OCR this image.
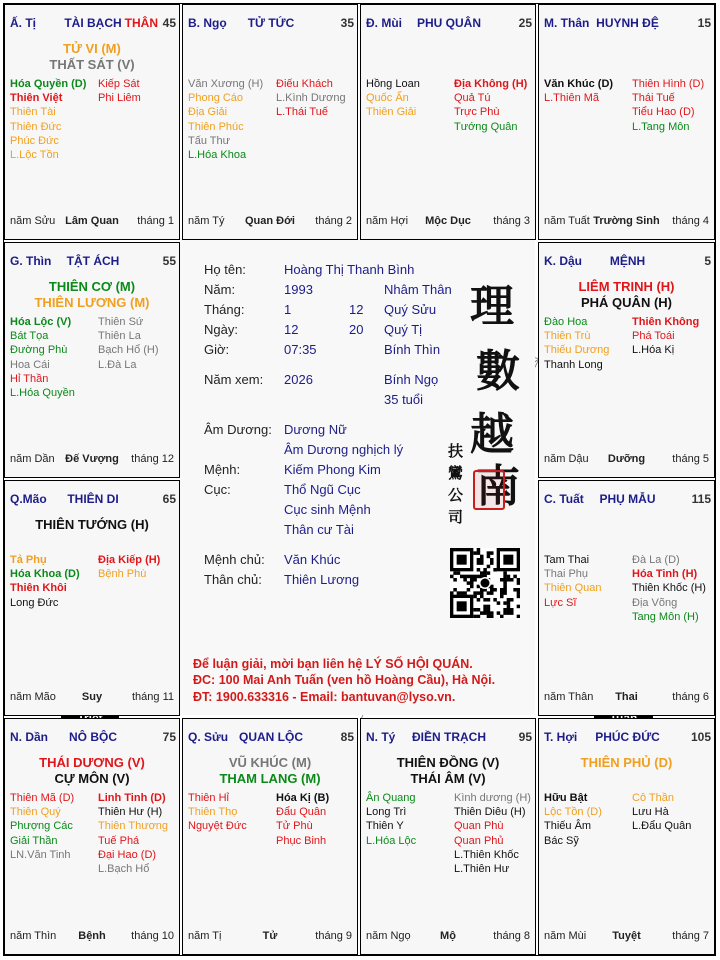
Họ tên:	Hoàng Thị Thanh Bình
Năm:	1993	Nhâm Thân
Tháng:	1	12 Quý Sửu
Ngày:	12	20 Quý Tị
Giờ:	07:35	Bính Thìn
Năm xem: 2026	Bính Ngọ
35 tuổi
Âm Dương: Dương Nữ
Âm Dương nghịch lý
Mệnh:	Kiếm Phong Kim
Cục:	Thổ Ngũ Cục
Cục sinh Mệnh
Thân cư Tài
Mệnh chủ: Văn Khúc
Thân chủ: Thiên Lương
Ấ. Tị	TÀI BẠCH THÂN 45
TỬ VI (M)
THẤT SÁT (V)
Hóa Quyền (D)
Thiên Việt
Thiên Tài
Thiên Đức
Phúc Đức
L.Lộc Tồn
Kiếp Sát
Phi Liêm
năm Sửu Lâm Quan	tháng 1
B. Ngọ	TỬ TỨC	35
Văn Xương (H)
Phong Cáo
Địa Giải
Thiên Phúc
Tấu Thư
L.Hóa Khoa
Điếu Khách
L.Kình Dương
L.Thái Tuế
năm Tý	Quan Đới	tháng 2
Đ. Mùi	PHU QUÂN	25
Hồng Loan
Quốc Ấn
Thiên Giải
Địa Không (H)
Quả Tú
Trực Phù
Tướng Quân
năm Hợi	Mộc Dục	tháng 3
M. Thân HUYNH ĐỆ	15
Văn Khúc (D)
L.Thiên Mã
Thiên Hình (D)
Thái Tuế
Tiểu Hao (D)
L.Tang Môn
năm Tuất Trường Sinh	tháng 4
G. Thìn	TẬT ÁCH	55
THIÊN CƠ (M)
THIÊN LƯƠNG (M)
Hóa Lộc (V)
Bát Tọa
Đường Phù
Hoa Cái
Hỉ Thần
L.Hóa Quyền
Thiên Sứ
Thiên La
Bạch Hổ (H)
L.Đà La
năm Dần Đế Vượng	tháng 12
K. Dậu	MỆNH	5
LIÊM TRINH (H)
PHÁ QUÂN (H)
Đào Hoa
Thiên Trù
Thiếu Dương
Thanh Long
Thiên Không
Phá Toái
L.Hóa Kị
năm Dậu	Dưỡng	tháng 5
Q.Mão	THIÊN DI	65
THIÊN TƯỚNG (H)
Tả Phụ
Hóa Khoa (D)
Thiên Khôi
Long Đức
Địa Kiếp (H)
Bệnh Phù
năm Mão	Suy	tháng 11
C. Tuất	PHỤ MẪU	115
Tam Thai
Thai Phụ
Thiên Quan
Lực Sĩ
Đà La (D)
Hóa Tinh (H)
Thiên Khốc (H)
Địa Võng
Tang Môn (H)
năm Thân	Thai	tháng 6
N. Dần	NÔ BỘC	75
THÁI DƯƠNG (V)
CỰ MÔN (V)
Thiên Mã (D)
Thiên Quý
Phượng Các
Giải Thần
LN.Văn Tinh
Linh Tinh (D)
Thiên Hư (H)
Thiên Thương
Tuế Phá
Đại Hao (D)
L.Bạch Hổ
năm Thìn	Bệnh	tháng 10
Q. Sửu QUAN LỘC	85
VŨ KHÚC (M)
THAM LANG (M)
Thiên Hỉ
Thiên Thọ
Nguyệt Đức
Hóa Kị (B)
Đẩu Quân
Tử Phù
Phục Binh
năm Tị	Tử	tháng 9
N. Tý	ĐIỀN TRẠCH	95
THIÊN ĐỒNG (V)
THÁI ÂM (V)
Ân Quang
Long Trì
Thiên Y
L.Hóa Lộc
Kình dương (H)
Thiên Diêu (H)
Quan Phù
Quan Phủ
L.Thiên Khốc
L.Thiên Hư
năm Ngọ	Mộ	tháng 8
T. Hợi	PHÚC ĐỨC	105
THIÊN PHỦ (D)
Hữu Bật
Lộc Tồn (D)
Thiếu Âm
Bác Sỹ
Cô Thần
Lưu Hà
L.Đẩu Quân
năm Mùi	Tuyệt	tháng 7
理
數
越
南
扶鸞公司
Để luận giải, mời bạn liên hệ LÝ SỐ HỘI QUÁN.
ĐC: 100 Mai Anh Tuấn (ven hồ Hoàng Cầu), Hà Nội.
ĐT: 1900.633316 - Email: bantuvan@lyso.vn.
